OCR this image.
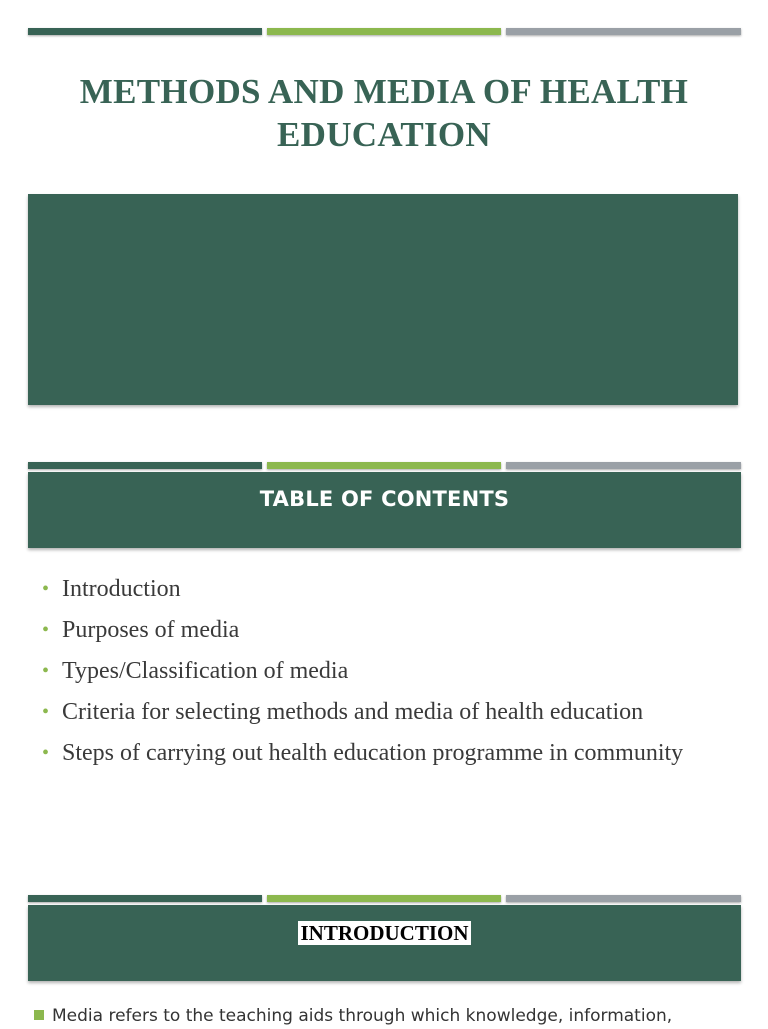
METHODS AND MEDIA OF HEALTH EDUCATION
TABLE OF CONTENTS
• Introduction
• Purposes of media
• Types/Classification of media
• Criteria for selecting methods and media of health education
• Steps of carrying out health education programme in community
INTRODUCTION
Media refers to the teaching aids through which knowledge, information,
